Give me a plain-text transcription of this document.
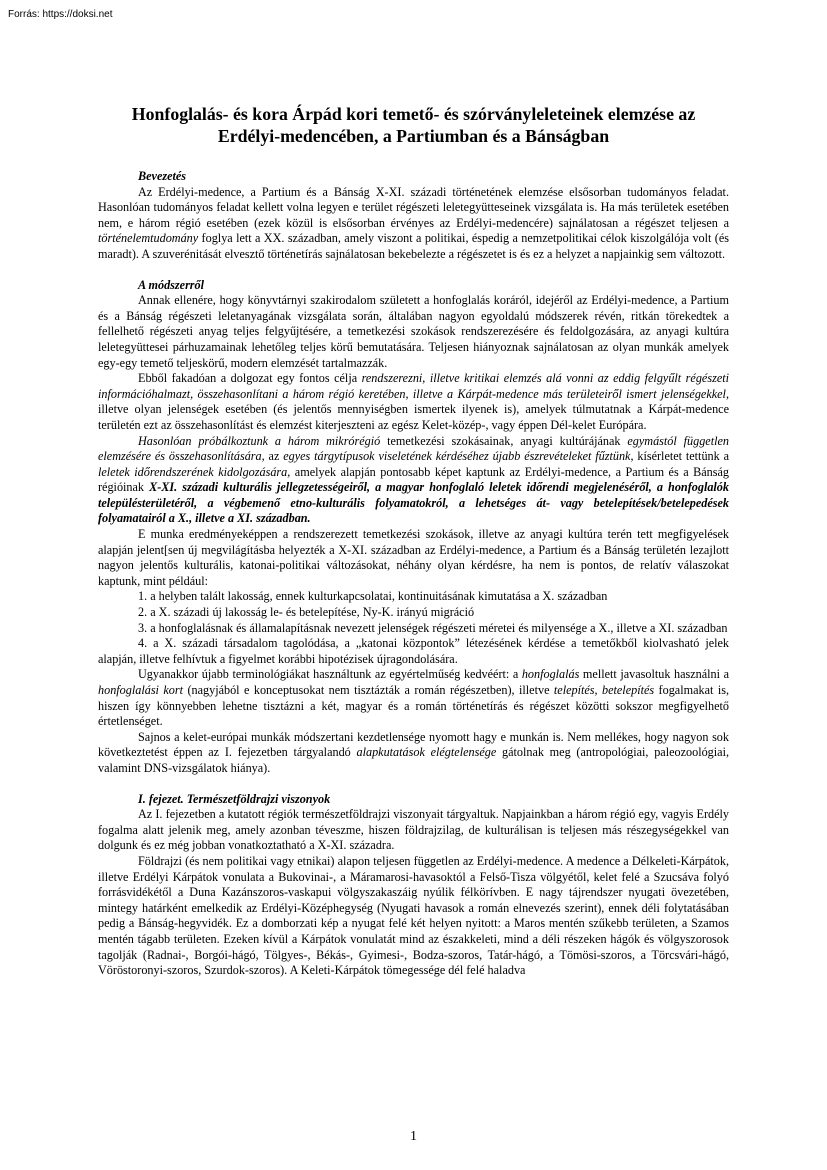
Forrás: https://doksi.net
Honfoglalás- és kora Árpád kori temető- és szórványleleteinek elemzése az
Erdélyi-medencében, a Partiumban és a Bánságban

Bevezetés

Az Erdélyi-medence, a Partium és a Bánság X-XI. századi történetének elemzése elsősorban tudományos feladat. Hasonlóan tudományos feladat kellett volna legyen e terület régészeti leletegyütteseinek vizsgálata is. Ha más területek esetében nem, e három régió esetében (ezek közül is elsősorban érvényes az Erdélyi-medencére) sajnálatosan a régészet teljesen a történelemtudomány foglya lett a XX. században, amely viszont a politikai, éspedig a nemzetpolitikai célok kiszolgálója volt (és maradt). A szuverénitását elvesztő történetírás sajnálatosan bekebelezte a régészetet is és ez a helyzet a napjainkig sem változott.

A módszerről

Annak ellenére, hogy könyvtárnyi szakirodalom született a honfoglalás koráról, idejéről az Erdélyi-medence, a Partium és a Bánság régészeti leletanyagának vizsgálata során, általában nagyon egyoldalú módszerek révén, ritkán törekedtek a fellelhető régészeti anyag teljes felgyűjtésére, a temetkezési szokások rendszerezésére és feldolgozására, az anyagi kultúra leletegyüttesei párhuzamainak lehetőleg teljes körű bemutatására. Teljesen hiányoznak sajnálatosan az olyan munkák amelyek egy-egy temető teljeskörű, modern elemzését tartalmazzák.

Ebből fakadóan a dolgozat egy fontos célja rendszerezni, illetve kritikai elemzés alá vonni az eddig felgyűlt régészeti információhalmazt, összehasonlítani a három régió keretében, illetve a Kárpát-medence más területeiről ismert jelenségekkel, illetve olyan jelenségek esetében (és jelentős mennyiségben ismertek ilyenek is), amelyek túlmutatnak a Kárpát-medence területén ezt az összehasonlítást és elemzést kiterjeszteni az egész Kelet-közép-, vagy éppen Dél-kelet Európára.

Hasonlóan próbálkoztunk a három mikrórégió temetkezési szokásainak, anyagi kultúrájának egymástól független elemzésére és összehasonlítására, az egyes tárgytípusok viseletének kérdéséhez újabb észrevételeket fűztünk, kísérletet tettünk a leletek időrendszerének kidolgozására, amelyek alapján pontosabb képet kaptunk az Erdélyi-medence, a Partium és a Bánság régióinak X-XI. századi kulturális jellegzetességeiről, a magyar honfoglaló leletek időrendi megjelenéséről, a honfoglalók településterületéről, a végbemenő etno-kulturális folyamatokról, a lehetséges át- vagy betelepítések/betelepedések folyamatairól a X., illetve a XI. században.

E munka eredményeképpen a rendszerezett temetkezési szokások, illetve az anyagi kultúra terén tett megfigyelések alapján jelent[sen új megvilágításba helyezték a X-XI. században az Erdélyi-medence, a Partium és a Bánság területén lezajlott nagyon jelentős kulturális, katonai-politikai változásokat, néhány olyan kérdésre, ha nem is pontos, de relatív válaszokat kaptunk, mint például:

1. a helyben talált lakosság, ennek kulturkapcsolatai, kontinuitásának kimutatása a X. században

2. a X. századi új lakosság le- és betelepítése, Ny-K. irányú migráció

3. a honfoglalásnak és államalapításnak nevezett jelenségek régészeti méretei és milyensége a X., illetve a XI. században

4. a X. századi társadalom tagolódása, a „katonai központok” létezésének kérdése a temetőkből kiolvasható jelek alapján, illetve felhívtuk a figyelmet korábbi hipotézisek újragondolására.

Ugyanakkor újabb terminológiákat használtunk az egyértelműség kedvéért: a honfoglalás mellett javasoltuk használni a honfoglalási kort (nagyjából e konceptusokat nem tisztázták a román régészetben), illetve telepítés, betelepítés fogalmakat is, hiszen így könnyebben lehetne tisztázni a két, magyar és a román történetírás és régészet közötti sokszor megfigyelhető értetlenséget.

Sajnos a kelet-európai munkák módszertani kezdetlensége nyomott hagy e munkán is. Nem mellékes, hogy nagyon sok következtetést éppen az I. fejezetben tárgyalandó alapkutatások elégtelensége gátolnak meg (antropológiai, paleozoológiai, valamint DNS-vizsgálatok hiánya).

I. fejezet. Természetföldrajzi viszonyok

Az I. fejezetben a kutatott régiók természetföldrajzi viszonyait tárgyaltuk. Napjainkban a három régió egy, vagyis Erdély fogalma alatt jelenik meg, amely azonban téveszme, hiszen földrajzilag, de kulturálisan is teljesen más részegységekkel van dolgunk és ez még jobban vonatkoztatható a X-XI. századra.

Földrajzi (és nem politikai vagy etnikai) alapon teljesen független az Erdélyi-medence. A medence a Délkeleti-Kárpátok, illetve Erdélyi Kárpátok vonulata a Bukovinai-, a Máramarosi-havasoktól a Felső-Tisza völgyétől, kelet felé a Szucsáva folyó forrásvidékétől a Duna Kazánszoros-vaskapui völgyszakaszáig nyúlik félkörívben. E nagy tájrendszer nyugati övezetében, mintegy határként emelkedik az Erdélyi-Középhegység (Nyugati havasok a román elnevezés szerint), ennek déli folytatásában pedig a Bánság-hegyvidék. Ez a domborzati kép a nyugat felé két helyen nyitott: a Maros mentén szűkebb területen, a Szamos mentén tágabb területen. Ezeken kívül a Kárpátok vonulatát mind az északkeleti, mind a déli részeken hágók és völgyszorosok tagolják (Radnai-, Borgói-hágó, Tölgyes-, Békás-, Gyimesi-, Bodza-szoros, Tatár-hágó, a Tömösi-szoros, a Törcsvári-hágó, Vöröstoronyi-szoros, Szurdok-szoros). A Keleti-Kárpátok tömegessége dél felé haladva

1
